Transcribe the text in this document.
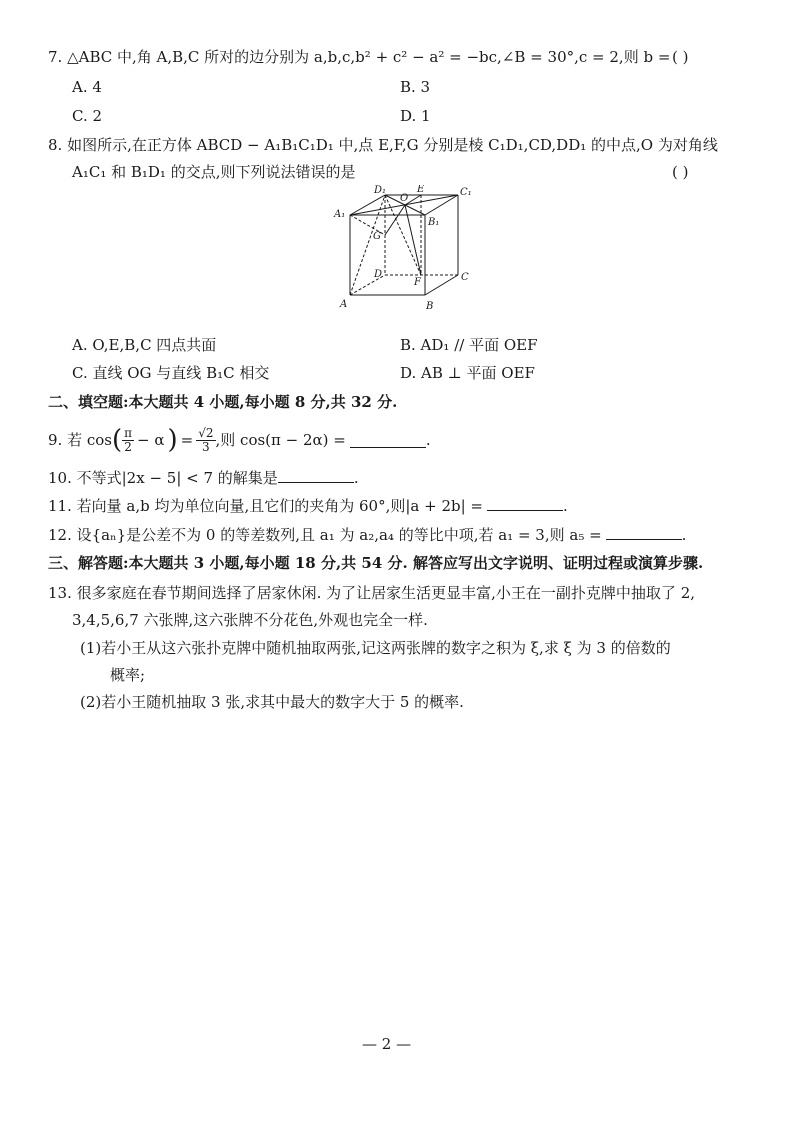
7. △ABC 中,角 A,B,C 所对的边分别为 a,b,c,b² + c² − a² = −bc,∠B = 30°,c = 2,则 b = ( )
A. 4	B. 3
C. 2	D. 1
8. 如图所示,在正方体 ABCD − A₁B₁C₁D₁ 中,点 E,F,G 分别是棱 C₁D₁,CD,DD₁ 的中点,O 为对角线
A₁C₁ 和 B₁D₁ 的交点,则下列说法错误的是	( )
D₁	E	C₁
A₁
O
B₁
G
D
F	C
A	B
A. O,E,B,C 四点共面	B. AD₁ // 平面 OEF
C. 直线 OG 与直线 B₁C 相交	D. AB ⊥ 平面 OEF
二、填空题:本大题共 4 小题,每小题 8 分,共 32 分.
9. 若 cos ( $\frac{\pi}{2} - \alpha$ ) = $\frac{√2}{3}$ ,则 cos(π − 2α) =	.
10. 不等式|2x − 5| < 7 的解集是	.
11. 若向量 a,b 均为单位向量,且它们的夹角为 60°,则|a + 2b| =	.
12. 设{aₙ}是公差不为 0 的等差数列,且 a₁ 为 a₂,a₄ 的等比中项,若 a₁ = 3,则 a₅ =	.
三、解答题:本大题共 3 小题,每小题 18 分,共 54 分. 解答应写出文字说明、证明过程或演算步骤.
13. 很多家庭在春节期间选择了居家休闲. 为了让居家生活更显丰富,小王在一副扑克牌中抽取了 2,
3,4,5,6,7 六张牌,这六张牌不分花色,外观也完全一样.
(1)若小王从这六张扑克牌中随机抽取两张,记这两张牌的数字之积为 ξ,求 ξ 为 3 的倍数的
概率;
(2)若小王随机抽取 3 张,求其中最大的数字大于 5 的概率.
— 2 —
